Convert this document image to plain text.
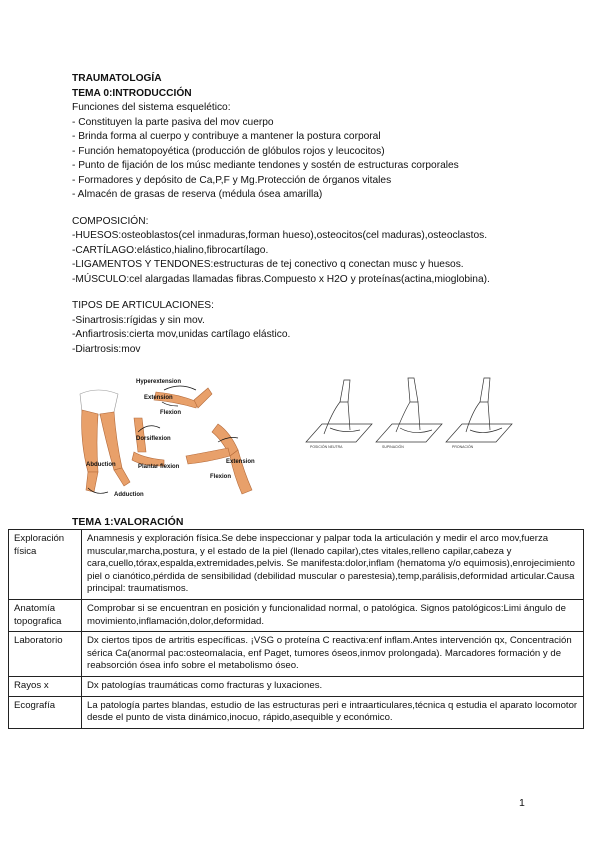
TRAUMATOLOGÍA
TEMA 0:INTRODUCCIÓN
Funciones del sistema esquelético:
- Constituyen la parte pasiva del mov cuerpo
- Brinda forma al cuerpo y contribuye a mantener la postura corporal
- Función hematopoyética (producción de glóbulos rojos y leucocitos)
- Punto de fijación de los músc mediante tendones y sostén de estructuras corporales
- Formadores y depósito de Ca,P,F y Mg.Protección de órganos vitales
- Almacén de grasas de reserva (médula ósea amarilla)
COMPOSICIÓN:
-HUESOS:osteoblastos(cel inmaduras,forman hueso),osteocitos(cel maduras),osteoclastos.
-CARTÍLAGO:elástico,hialino,fibrocartílago.
-LIGAMENTOS Y TENDONES:estructuras de tej conectivo q conectan musc y huesos.
-MÚSCULO:cel alargadas llamadas fibras.Compuesto x H2O y proteínas(actina,mioglobina).
TIPOS DE ARTICULACIONES:
-Sinartrosis:rígidas y sin mov.
-Anfiartrosis:cierta mov,unidas cartílago elástico.
-Diartrosis:mov
Hyperextension
Extension
Flexion
Dorsiflexion
Plantar flexion
Abduction
Adduction
Extension
Flexion
POSICIÓN NEUTRA	SUPINACIÓN	PRONACIÓN
TEMA 1:VALORACIÓN
Exploración física	Anamnesis y exploración física.Se debe inspeccionar y palpar toda la articulación y medir el arco mov,fuerza muscular,marcha,postura, y el estado de la piel (llenado capilar),ctes vitales,relleno capilar,cabeza y cara,cuello,tórax,espalda,extremidades,pelvis. Se manifesta:dolor,inflam (hematoma y/o equimosis),enrojecimiento piel o cianótico,pérdida de sensibilidad (debilidad muscular o parestesia),temp,parálisis,deformidad articular.Causa principal: traumatismos.
Anatomía topografica	Comprobar si se encuentran en posición y funcionalidad normal, o patológica. Signos patológicos:Limi ángulo de movimiento,inflamación,dolor,deformidad.
Laboratorio	Dx ciertos tipos de artritis específicas. ¡VSG o proteína C reactiva:enf inflam.Antes intervención qx, Concentración sérica Ca(anormal pac:osteomalacia, enf Paget, tumores óseos,inmov prolongada). Marcadores formación y de reabsorción ósea info sobre el metabolismo óseo.
Rayos x	Dx patologías traumáticas como fracturas y luxaciones.
Ecografía	La patología partes blandas, estudio de las estructuras peri e intraarticulares,técnica q estudia el aparato locomotor desde el punto de vista dinámico,inocuo, rápido,asequible y económico.
1
